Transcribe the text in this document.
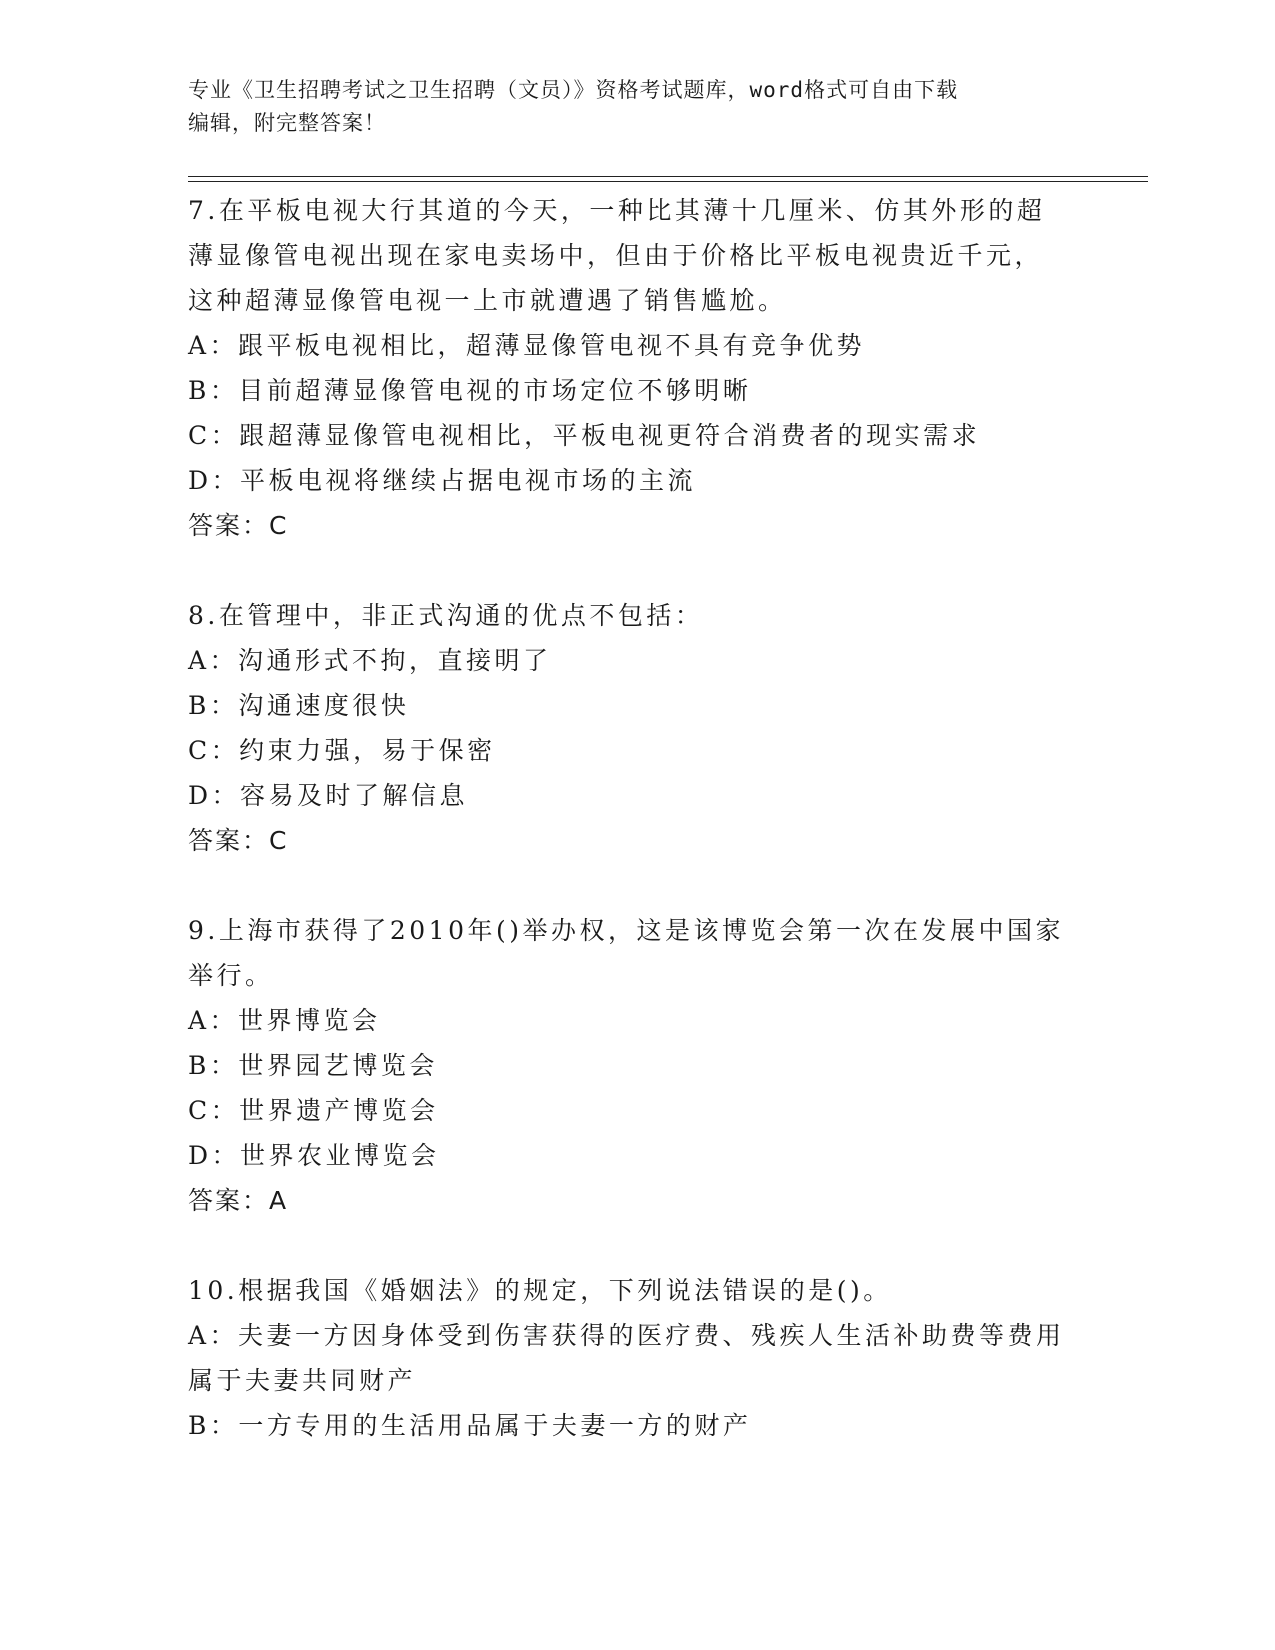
专业《卫生招聘考试之卫生招聘（文员）》资格考试题库，word格式可自由下载

编辑，附完整答案！

7.在平板电视大行其道的今天，一种比其薄十几厘米、仿其外形的超

薄显像管电视出现在家电卖场中，但由于价格比平板电视贵近千元，

这种超薄显像管电视一上市就遭遇了销售尴尬。

A：跟平板电视相比，超薄显像管电视不具有竞争优势

B：目前超薄显像管电视的市场定位不够明晰

C：跟超薄显像管电视相比，平板电视更符合消费者的现实需求

D：平板电视将继续占据电视市场的主流

答案：C

8.在管理中，非正式沟通的优点不包括：

A：沟通形式不拘，直接明了

B：沟通速度很快

C：约束力强，易于保密

D：容易及时了解信息

答案：C

9.上海市获得了2010年()举办权，这是该博览会第一次在发展中国家

举行。

A：世界博览会

B：世界园艺博览会

C：世界遗产博览会

D：世界农业博览会

答案：A

10.根据我国《婚姻法》的规定，下列说法错误的是()。

A：夫妻一方因身体受到伤害获得的医疗费、残疾人生活补助费等费用

属于夫妻共同财产

B：一方专用的生活用品属于夫妻一方的财产
